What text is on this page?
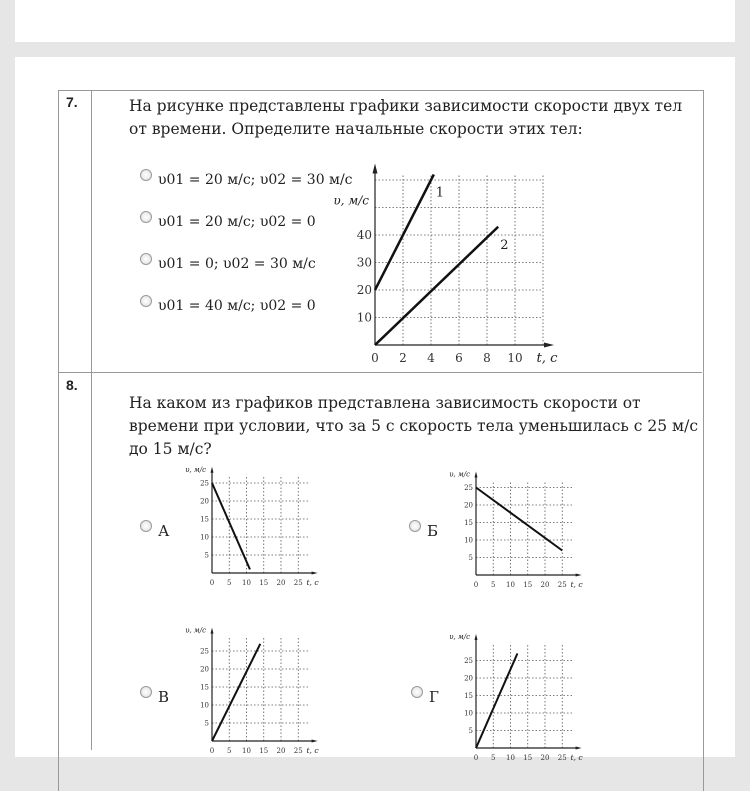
7.	На рисунке представлены графики зависимости скорости двух тел от времени. Определите начальные скорости этих тел:
υ01 = 20 м/с; υ02 = 30 м/с
υ01 = 20 м/с; υ02 = 0
υ01 = 0; υ02 = 30 м/с
υ01 = 40 м/с; υ02 = 0
8.
На каком из графиков представлена зависимость скорости от времени при условии, что за 5 с скорость тела уменьшилась с 25 м/с до 15 м/с?
А	Б
В	Г
0 2 4 6 8 10
10
20
30
40
υ, м/с
t, с
1
2
0 5 10 15 20 25
5
10
15
20
25
υ, м/с
t, с	0 5 10 15 20 25
5
10
15
20
25
υ, м/с
t, с
0 5 10 15 20 25
5
10
15
20
25
υ, м/с
t, с
0 5 10 15 20 25
5
10
15
20
25
υ, м/с
t, с
